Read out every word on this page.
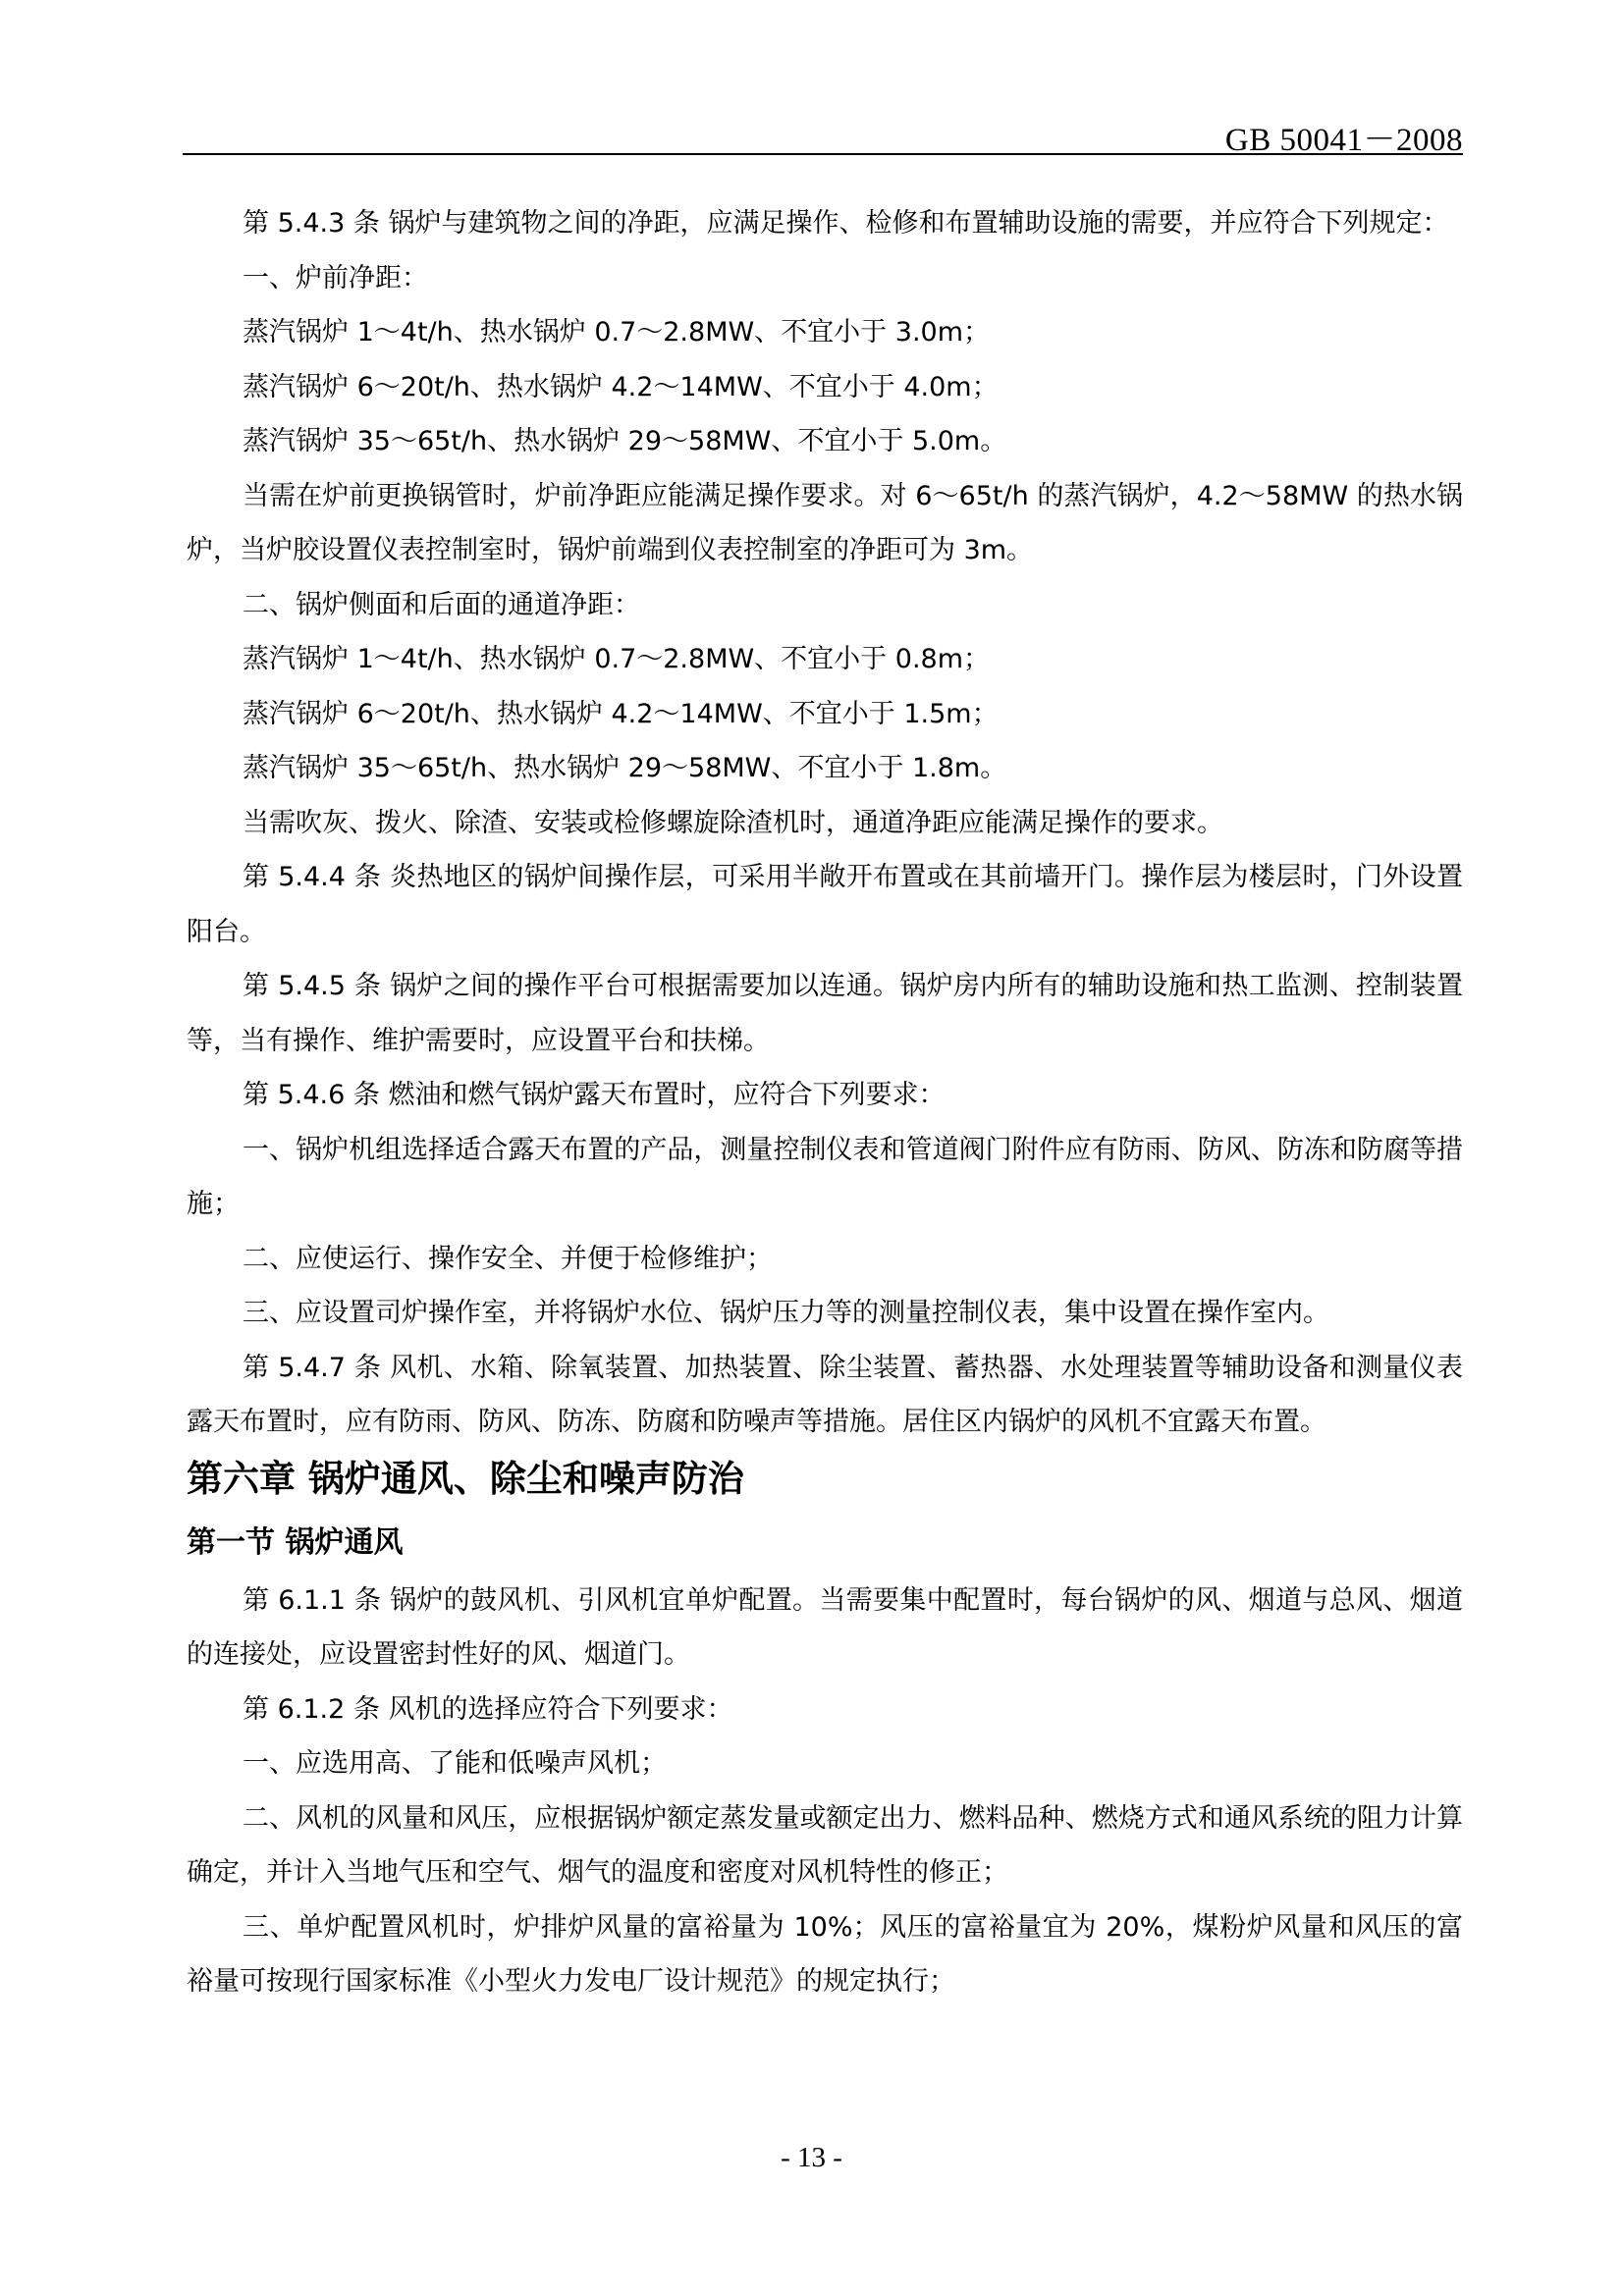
GB 50041－2008

第 5.4.3 条 锅炉与建筑物之间的净距，应满足操作、检修和布置辅助设施的需要，并应符合下列规定：

一、炉前净距：

蒸汽锅炉 1～4t/h、热水锅炉 0.7～2.8MW、不宜小于 3.0m；

蒸汽锅炉 6～20t/h、热水锅炉 4.2～14MW、不宜小于 4.0m；

蒸汽锅炉 35～65t/h、热水锅炉 29～58MW、不宜小于 5.0m。

当需在炉前更换锅管时，炉前净距应能满足操作要求。对 6～65t/h 的蒸汽锅炉，4.2～58MW 的热水锅炉，当炉胶设置仪表控制室时，锅炉前端到仪表控制室的净距可为 3m。

二、锅炉侧面和后面的通道净距：

蒸汽锅炉 1～4t/h、热水锅炉 0.7～2.8MW、不宜小于 0.8m；

蒸汽锅炉 6～20t/h、热水锅炉 4.2～14MW、不宜小于 1.5m；

蒸汽锅炉 35～65t/h、热水锅炉 29～58MW、不宜小于 1.8m。

当需吹灰、拨火、除渣、安装或检修螺旋除渣机时，通道净距应能满足操作的要求。

第 5.4.4 条 炎热地区的锅炉间操作层，可采用半敞开布置或在其前墙开门。操作层为楼层时，门外设置阳台。

第 5.4.5 条 锅炉之间的操作平台可根据需要加以连通。锅炉房内所有的辅助设施和热工监测、控制装置等，当有操作、维护需要时，应设置平台和扶梯。

第 5.4.6 条 燃油和燃气锅炉露天布置时，应符合下列要求：

一、锅炉机组选择适合露天布置的产品，测量控制仪表和管道阀门附件应有防雨、防风、防冻和防腐等措施；

二、应使运行、操作安全、并便于检修维护；

三、应设置司炉操作室，并将锅炉水位、锅炉压力等的测量控制仪表，集中设置在操作室内。

第 5.4.7 条 风机、水箱、除氧装置、加热装置、除尘装置、蓄热器、水处理装置等辅助设备和测量仪表露天布置时，应有防雨、防风、防冻、防腐和防噪声等措施。居住区内锅炉的风机不宜露天布置。

第六章 锅炉通风、除尘和噪声防治
第一节 锅炉通风

第 6.1.1 条 锅炉的鼓风机、引风机宜单炉配置。当需要集中配置时，每台锅炉的风、烟道与总风、烟道的连接处，应设置密封性好的风、烟道门。

第 6.1.2 条 风机的选择应符合下列要求：

一、应选用高、了能和低噪声风机；

二、风机的风量和风压，应根据锅炉额定蒸发量或额定出力、燃料品种、燃烧方式和通风系统的阻力计算确定，并计入当地气压和空气、烟气的温度和密度对风机特性的修正；

三、单炉配置风机时，炉排炉风量的富裕量为 10%；风压的富裕量宜为 20%，煤粉炉风量和风压的富裕量可按现行国家标准《小型火力发电厂设计规范》的规定执行；

- 13 -
